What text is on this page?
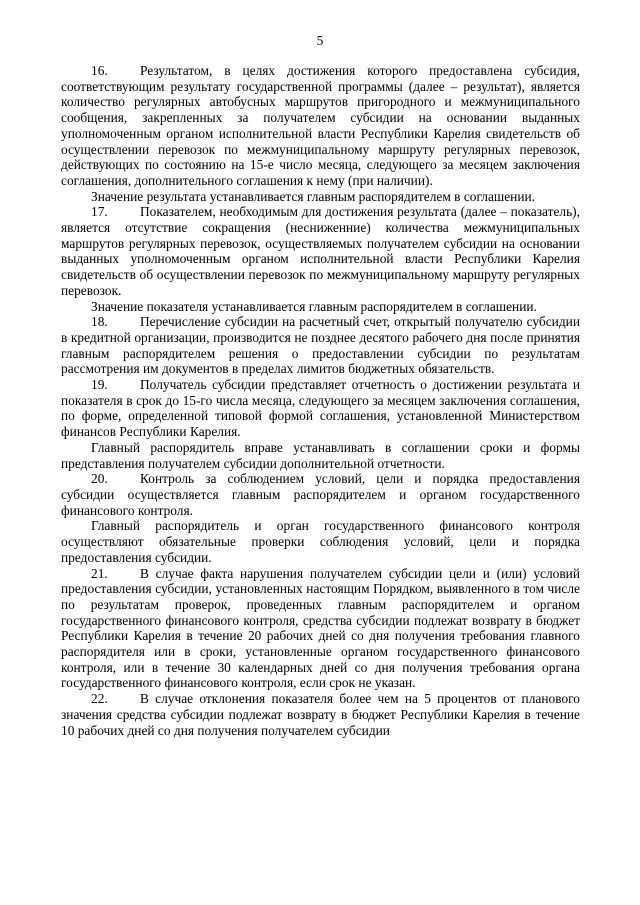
5

16. Результатом, в целях достижения которого предоставлена субсидия, соответствующим результату государственной программы (далее – результат), является количество регулярных автобусных маршрутов пригородного и межмуниципального сообщения, закрепленных за получателем субсидии на основании выданных уполномоченным органом исполнительной власти Республики Карелия свидетельств об осуществлении перевозок по межмуниципальному маршруту регулярных перевозок, действующих по состоянию на 15-е число месяца, следующего за месяцем заключения соглашения, дополнительного соглашения к нему (при наличии).

Значение результата устанавливается главным распорядителем в соглашении.

17. Показателем, необходимым для достижения результата (далее – показатель), является отсутствие сокращения (несниженние) количества межмуниципальных маршрутов регулярных перевозок, осуществляемых получателем субсидии на основании выданных уполномоченным органом исполнительной власти Республики Карелия свидетельств об осуществлении перевозок по межмуниципальному маршруту регулярных перевозок.

Значение показателя устанавливается главным распорядителем в соглашении.

18. Перечисление субсидии на расчетный счет, открытый получателю субсидии в кредитной организации, производится не позднее десятого рабочего дня после принятия главным распорядителем решения о предоставлении субсидии по результатам рассмотрения им документов в пределах лимитов бюджетных обязательств.

19. Получатель субсидии представляет отчетность о достижении результата и показателя в срок до 15-го числа месяца, следующего за месяцем заключения соглашения, по форме, определенной типовой формой соглашения, установленной Министерством финансов Республики Карелия.

Главный распорядитель вправе устанавливать в соглашении сроки и формы представления получателем субсидии дополнительной отчетности.

20. Контроль за соблюдением условий, цели и порядка предоставления субсидии осуществляется главным распорядителем и органом государственного финансового контроля.

Главный распорядитель и орган государственного финансового контроля осуществляют обязательные проверки соблюдения условий, цели и порядка предоставления субсидии.

21. В случае факта нарушения получателем субсидии цели и (или) условий предоставления субсидии, установленных настоящим Порядком, выявленного в том числе по результатам проверок, проведенных главным распорядителем и органом государственного финансового контроля, средства субсидии подлежат возврату в бюджет Республики Карелия в течение 20 рабочих дней со дня получения требования главного распорядителя или в сроки, установленные органом государственного финансового контроля, или в течение 30 календарных дней со дня получения требования органа государственного финансового контроля, если срок не указан.

22. В случае отклонения показателя более чем на 5 процентов от планового значения средства субсидии подлежат возврату в бюджет Республики Карелия в течение 10 рабочих дней со дня получения получателем субсидии
